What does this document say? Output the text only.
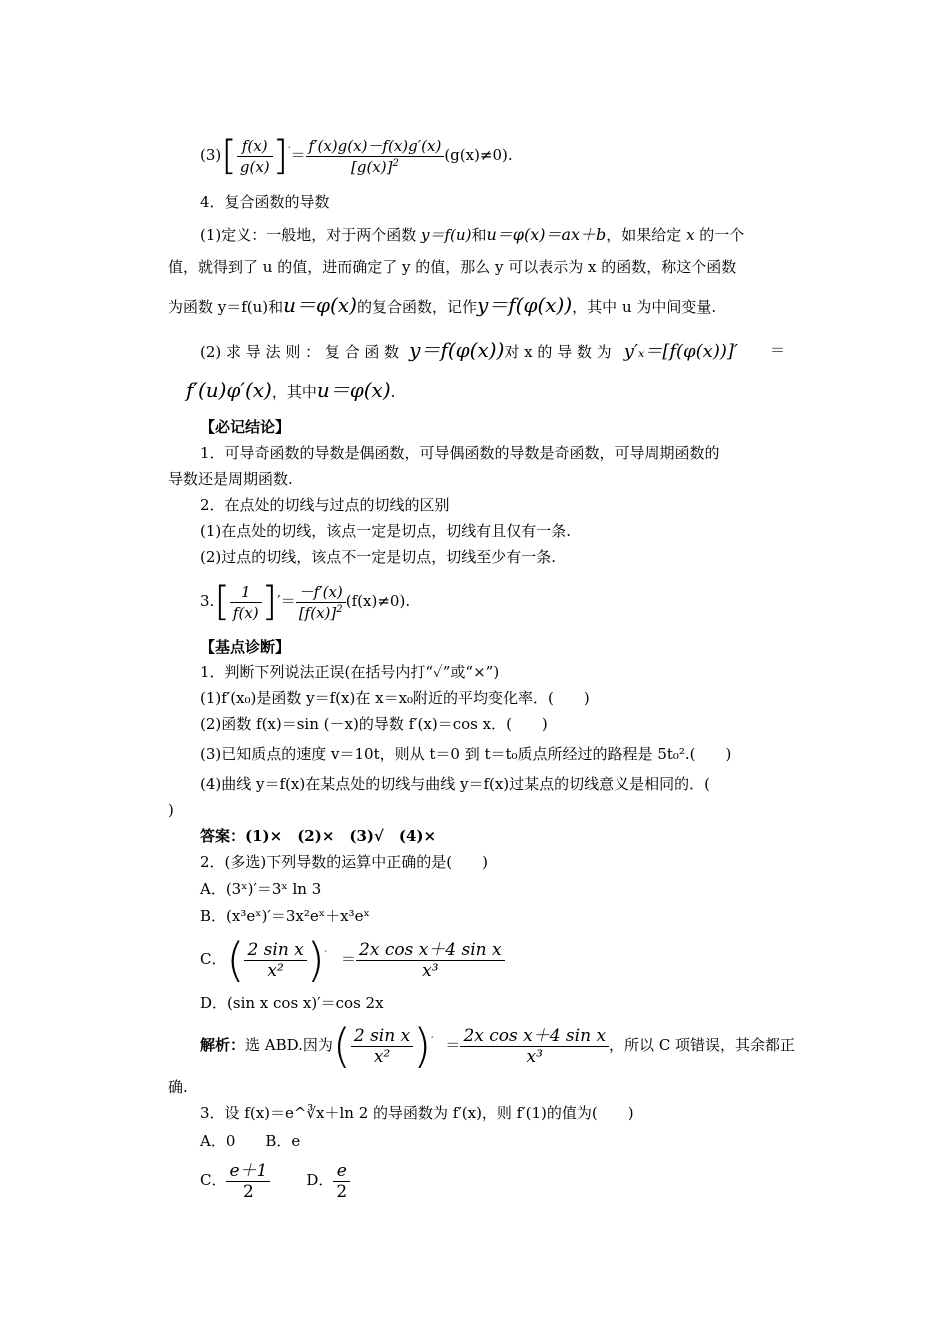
$(3)[ \frac{f(x)}{g(x)} ]'= \frac{f'(x)g(x)-f(x)g'(x)}{[g(x)]^2} (g(x)\ne 0)$.
4．复合函数的导数
(1)定义：一般地，对于两个函数 y＝f(u)和u＝φ(x)＝ax＋b，如果给定 x 的一个
值，就得到了 u 的值，进而确定了 y 的值，那么 y 可以表示为 x 的函数，称这个函数
为函数 y＝f(u)和u＝φ(x)的复合函数，记作y＝f(φ(x))，其中 u 为中间变量.
(2) 求 导 法 则 ： 复 合 函 数 y＝f(φ(x))对 x 的 导 数 为 y′ₓ＝[f(φ(x))]′ ＝
f′(u)φ′(x)，其中u＝φ(x).
【必记结论】
1．可导奇函数的导数是偶函数，可导偶函数的导数是奇函数，可导周期函数的
导数还是周期函数.
2．在点处的切线与过点的切线的区别
(1)在点处的切线，该点一定是切点，切线有且仅有一条.
(2)过点的切线，该点不一定是切点，切线至少有一条.
$3.[ \frac{1}{f(x)}$ ]′＝ $\frac{-f'(x)}{[f(x)]^2} (f(x)\ne 0)$.
【基点诊断】
1．判断下列说法正误(在括号内打“✓”或“×”)
(1)f′(x₀)是函数 y＝f(x)在 x＝x₀附近的平均变化率．(　　)
(2)函数 f(x)＝sin (－x)的导数 f′(x)＝cos x．(　　)
(3)已知质点的速度 v＝10t，则从 t＝0 到 t＝t₀质点所经过的路程是 5t₀².(　　)
(4)曲线 y＝f(x)在某点处的切线与曲线 y＝f(x)过某点的切线意义是相同的．(
)
答案：(1)×　(2)×　(3)√　(4)×
2．(多选)下列导数的运算中正确的是(　　)
A．(3ˣ)′＝3ˣ ln 3
B．(x³eˣ)′＝3x²eˣ＋x³eˣ
C．( $\frac{\text{2 sin x}}{\text{x²}} )' = \frac{\text{2x cos x＋4 sin x}}{\text{x³}}$
D．(sin x cos x)′＝cos 2x
解析：选 ABD.因为( $\frac{\text{2 sin x}}{\text{x²}} )' = \frac{\text{2x cos x＋4 sin x}}{\text{x³}}$ ，所以 C 项错误，其余都正
确.
3．设 f(x)＝e^∛x＋ln 2 的导函数为 f′(x)，则 f′(1)的值为(　　)
A．0　　B．e
C． $\frac{e+1}{2}$ D． $\frac{e}{2}$
